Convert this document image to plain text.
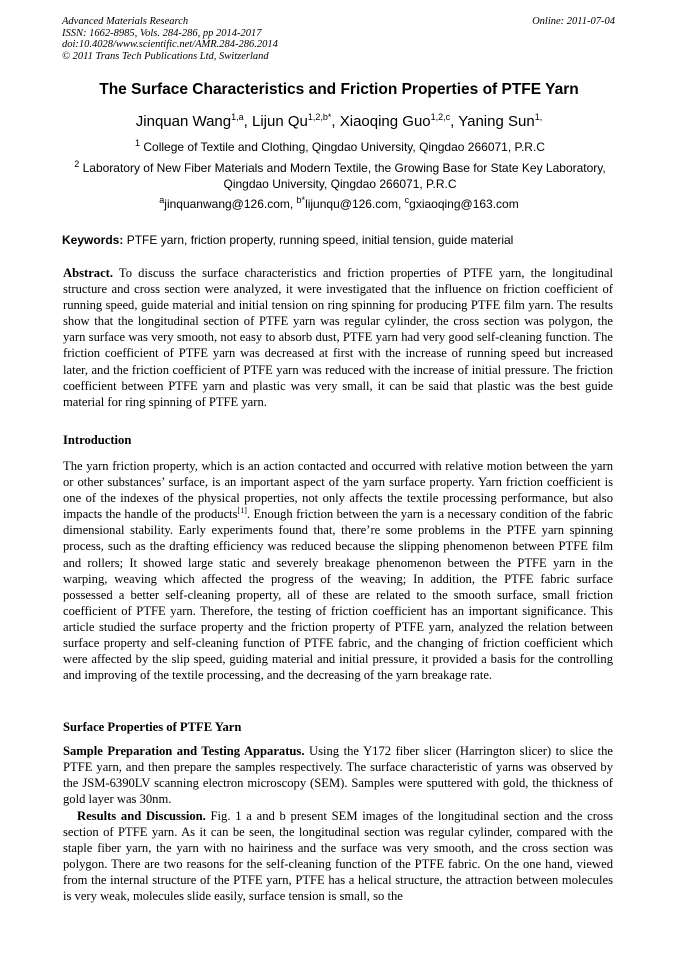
Advanced Materials Research
ISSN: 1662-8985, Vols. 284-286, pp 2014-2017
doi:10.4028/www.scientific.net/AMR.284-286.2014
© 2011 Trans Tech Publications Ltd, Switzerland
Online: 2011-07-04
The Surface Characteristics and Friction Properties of PTFE Yarn
Jinquan Wang$^{1,a}$, Lijun $Qu^{1,2,b*}$, Xiaoqing Guo$^{1,2,c}$, Yaning Sun$^{1,}$
$^1$ College of Textile and Clothing, Qingdao University, Qingdao 266071, P.R.C
$^2$ Laboratory of New Fiber Materials and Modern Textile, the Growing Base for State Key Laboratory, Qingdao University, Qingdao 266071, P.R.C
$^a$jinquanwang@126.com, $^{b*}$lijunqu@126.com, $^c$gxiaoqing@163.com
Keywords: PTFE yarn, friction property, running speed, initial tension, guide material
Abstract. To discuss the surface characteristics and friction properties of PTFE yarn, the longitudinal structure and cross section were analyzed, it were investigated that the influence on friction coefficient of running speed, guide material and initial tension on ring spinning for producing PTFE film yarn. The results show that the longitudinal section of PTFE yarn was regular cylinder, the cross section was polygon, the yarn surface was very smooth, not easy to absorb dust, PTFE yarn had very good self-cleaning function. The friction coefficient of PTFE yarn was decreased at first with the increase of running speed but increased later, and the friction coefficient of PTFE yarn was reduced with the increase of initial pressure. The friction coefficient between PTFE yarn and plastic was very small, it can be said that plastic was the best guide material for ring spinning of PTFE yarn.
Introduction
The yarn friction property, which is an action contacted and occurred with relative motion between the yarn or other substances’ surface, is an important aspect of the yarn surface property. Yarn friction coefficient is one of the indexes of the physical properties, not only affects the textile processing performance, but also impacts the handle of the products[1]. Enough friction between the yarn is a necessary condition of the fabric dimensional stability. Early experiments found that, there’re some problems in the PTFE yarn spinning process, such as the drafting efficiency was reduced because the slipping phenomenon between PTFE film and rollers; It showed large static and severely breakage phenomenon between the PTFE yarn in the warping, weaving which affected the progress of the weaving; In addition, the PTFE fabric surface possessed a better self-cleaning property, all of these are related to the smooth surface, small friction coefficient of PTFE yarn. Therefore, the testing of friction coefficient has an important significance. This article studied the surface property and the friction property of PTFE yarn, analyzed the relation between surface property and self-cleaning function of PTFE fabric, and the changing of friction coefficient which were affected by the slip speed, guiding material and initial pressure, it provided a basis for the controlling and improving of the textile processing, and the decreasing of the yarn breakage rate.
Surface Properties of PTFE Yarn
Sample Preparation and Testing Apparatus. Using the Y172 fiber slicer (Harrington slicer) to slice the PTFE yarn, and then prepare the samples respectively. The surface characteristic of yarns was observed by the JSM-6390LV scanning electron microscopy (SEM). Samples were sputtered with gold, the thickness of gold layer was 30nm.
Results and Discussion. Fig. 1 a and b present SEM images of the longitudinal section and the cross section of PTFE yarn. As it can be seen, the longitudinal section was regular cylinder, compared with the staple fiber yarn, the yarn with no hairiness and the surface was very smooth, and the cross section was polygon. There are two reasons for the self-cleaning function of the PTFE fabric. On the one hand, viewed from the internal structure of the PTFE yarn, PTFE has a helical structure, the attraction between molecules is very weak, molecules slide easily, surface tension is small, so the
